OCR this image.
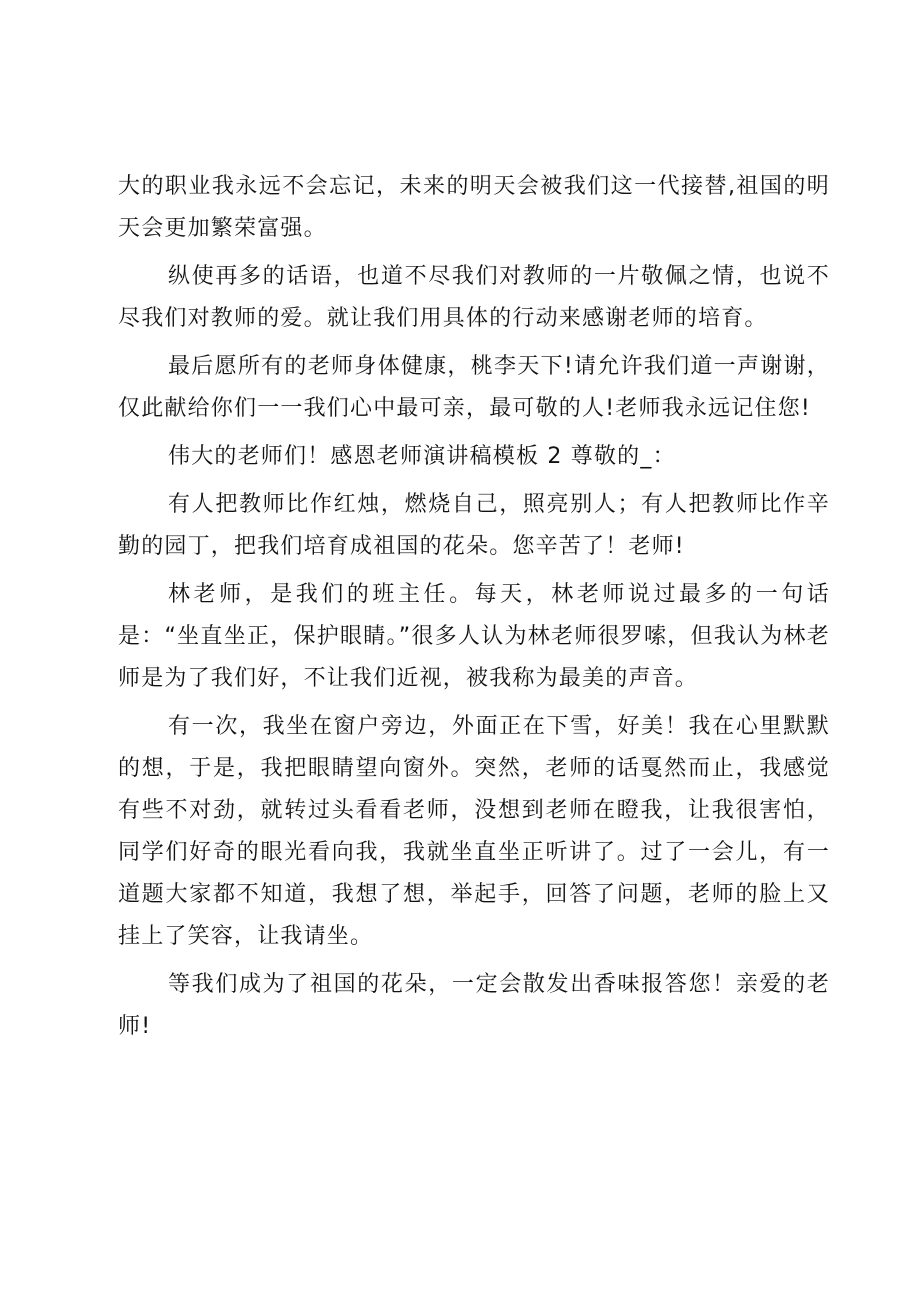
大的职业我永远不会忘记，未来的明天会被我们这一代接替,祖国的明天会更加繁荣富强。

纵使再多的话语，也道不尽我们对教师的一片敬佩之情，也说不尽我们对教师的爱。就让我们用具体的行动来感谢老师的培育。

最后愿所有的老师身体健康，桃李天下!请允许我们道一声谢谢，仅此献给你们一一我们心中最可亲，最可敬的人!老师我永远记住您!

伟大的老师们！感恩老师演讲稿模板 2 尊敬的_：

有人把教师比作红烛，燃烧自己，照亮别人；有人把教师比作辛勤的园丁，把我们培育成祖国的花朵。您辛苦了！老师!

林老师，是我们的班主任。每天，林老师说过最多的一句话是：“坐直坐正，保护眼睛。”很多人认为林老师很罗嗦，但我认为林老师是为了我们好，不让我们近视，被我称为最美的声音。

有一次，我坐在窗户旁边，外面正在下雪，好美！我在心里默默的想，于是，我把眼睛望向窗外。突然，老师的话戛然而止，我感觉有些不对劲，就转过头看看老师，没想到老师在瞪我，让我很害怕，同学们好奇的眼光看向我，我就坐直坐正听讲了。过了一会儿，有一道题大家都不知道，我想了想，举起手，回答了问题，老师的脸上又挂上了笑容，让我请坐。

等我们成为了祖国的花朵，一定会散发出香味报答您！亲爱的老师!
